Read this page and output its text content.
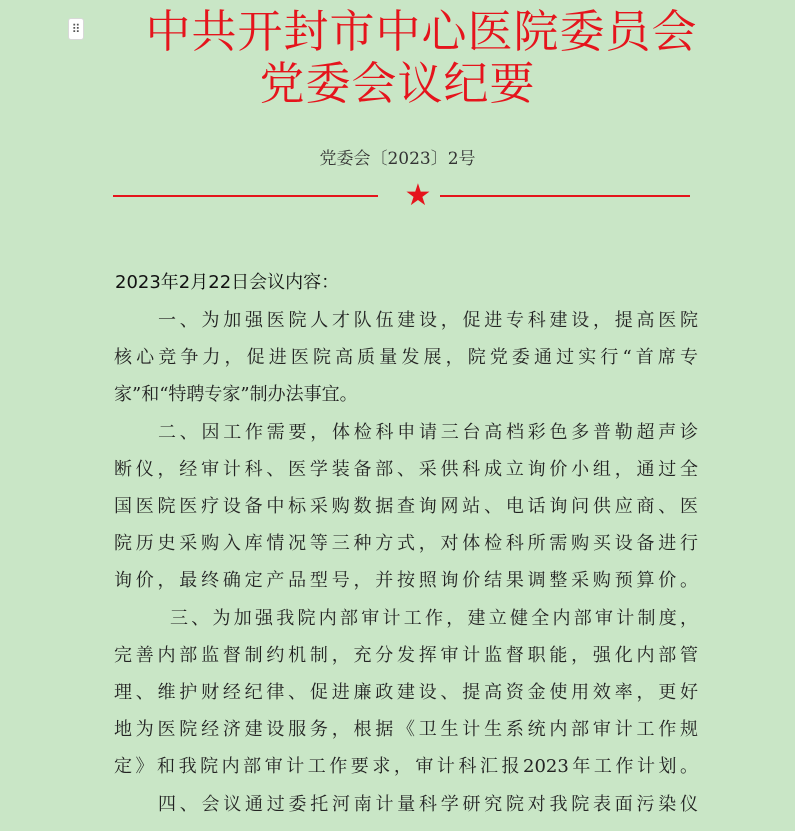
⠿	中共开封市中心医院委员会
党委会议纪要
党委会〔2023〕2号
★
2023年2月22日会议内容：
一、为加强医院人才队伍建设，促进专科建设，提高医院
核心竞争力，促进医院高质量发展，院党委通过实行“首席专
家”和“特聘专家”制办法事宜。
二、因工作需要，体检科申请三台高档彩色多普勒超声诊
断仪，经审计科、医学装备部、采供科成立询价小组，通过全
国医院医疗设备中标采购数据查询网站、电话询问供应商、医
院历史采购入库情况等三种方式，对体检科所需购买设备进行
询价，最终确定产品型号，并按照询价结果调整采购预算价。
三、为加强我院内部审计工作，建立健全内部审计制度，
完善内部监督制约机制，充分发挥审计监督职能，强化内部管
理、维护财经纪律、促进廉政建设、提高资金使用效率，更好
地为医院经济建设服务，根据《卫生计生系统内部审计工作规
定》和我院内部审计工作要求，审计科汇报2023年工作计划。
四、会议通过委托河南计量科学研究院对我院表面污染仪
